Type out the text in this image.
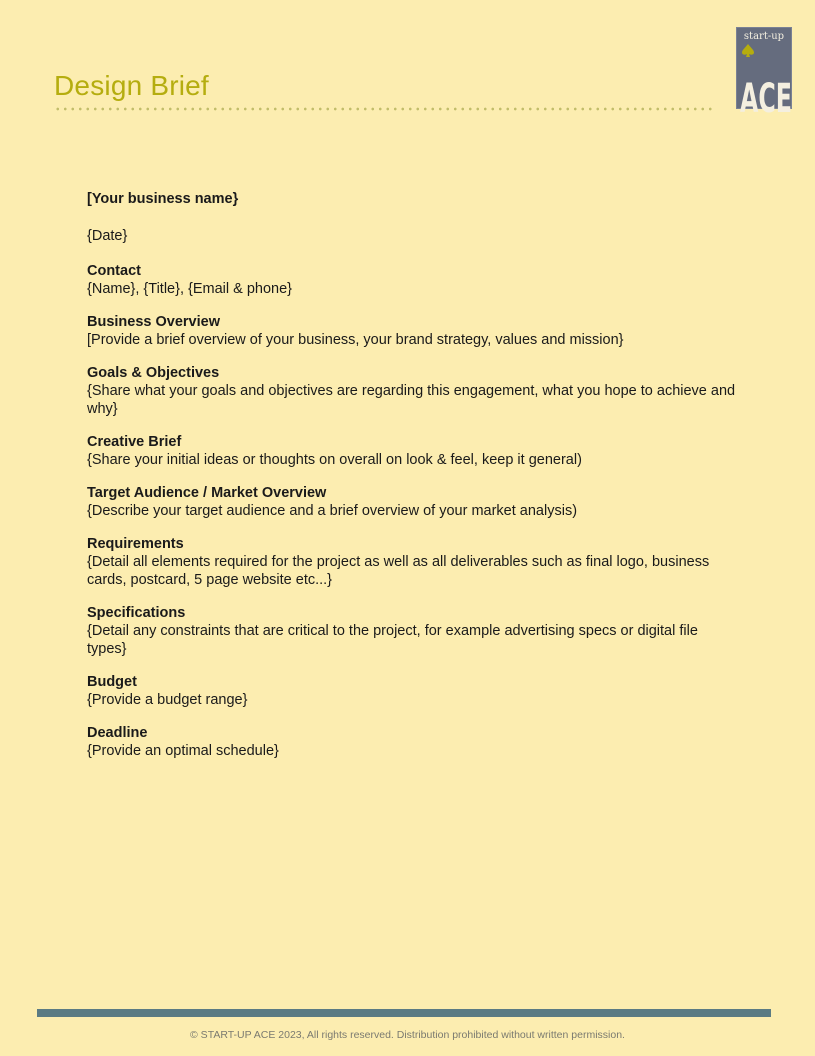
Design Brief
start-up
ACE
[Your business name}
{Date}
Contact
{Name}, {Title}, {Email & phone}
Business Overview
[Provide a brief overview of your business, your brand strategy, values and mission}
Goals & Objectives
{Share what your goals and objectives are regarding this engagement, what you hope to achieve and why}
Creative Brief
{Share your initial ideas or thoughts on overall on look & feel, keep it general)
Target Audience / Market Overview
{Describe your target audience and a brief overview of your market analysis)
Requirements
{Detail all elements required for the project as well as all deliverables such as final logo, business cards, postcard, 5 page website etc...}
Specifications
{Detail any constraints that are critical to the project, for example advertising specs or digital file types}
Budget
{Provide a budget range}
Deadline
{Provide an optimal schedule}
© START-UP ACE 2023, All rights reserved. Distribution prohibited without written permission.
